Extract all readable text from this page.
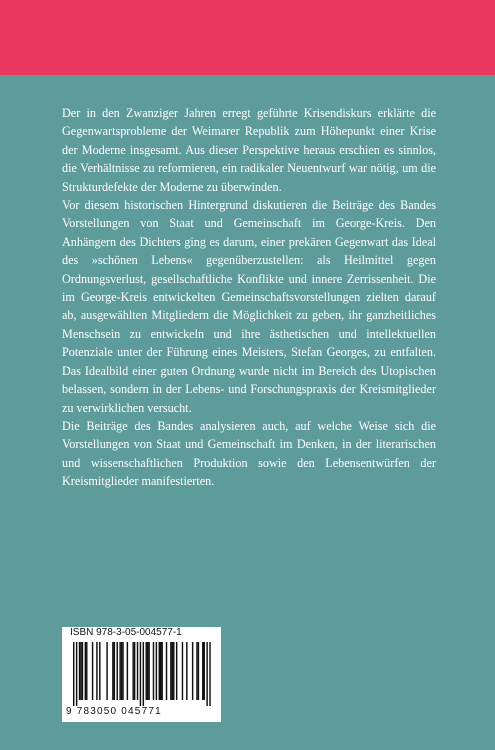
Der in den Zwanziger Jahren erregt geführte Krisendiskurs erklärte die Gegenwartsprobleme der Weimarer Republik zum Höhepunkt einer Krise der Moderne insgesamt. Aus dieser Perspektive heraus erschien es sinnlos, die Verhältnisse zu reformieren, ein radikaler Neuentwurf war nötig, um die Strukturdefekte der Moderne zu überwinden.

Vor diesem historischen Hintergrund diskutieren die Beiträge des Bandes Vorstellungen von Staat und Gemeinschaft im George-Kreis. Den Anhängern des Dichters ging es darum, einer prekären Gegenwart das Ideal des »schönen Lebens« gegenüberzustellen: als Heilmittel gegen Ordnungsverlust, gesellschaftliche Konflikte und innere Zerrissenheit. Die im George-Kreis entwickelten Gemeinschaftsvorstellungen zielten darauf ab, ausgewählten Mitgliedern die Möglichkeit zu geben, ihr ganzheitliches Menschsein zu entwickeln und ihre ästhetischen und intellektuellen Potenziale unter der Führung eines Meisters, Stefan Georges, zu entfalten. Das Idealbild einer guten Ordnung wurde nicht im Bereich des Utopischen belassen, sondern in der Lebens- und Forschungspraxis der Kreismitglieder zu verwirklichen versucht.

Die Beiträge des Bandes analysieren auch, auf welche Weise sich die Vorstellungen von Staat und Gemeinschaft im Denken, in der literarischen und wissenschaftlichen Produktion sowie den Lebensentwürfen der Kreismitglieder manifestierten.

ISBN 978-3-05-004577-1
9 783050 045771
